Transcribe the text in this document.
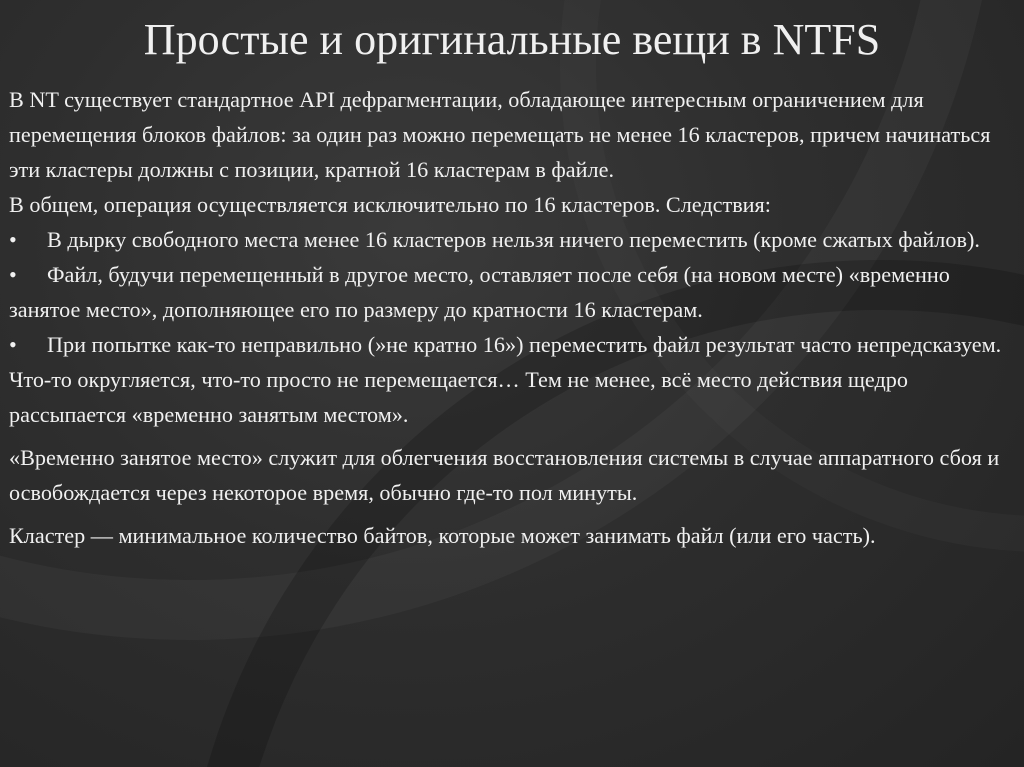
Простые и оригинальные вещи в NTFS

В NT существует стандартное API дефрагментации, обладающее интересным ограничением для перемещения блоков файлов: за один раз можно перемещать не менее 16 кластеров, причем начинаться эти кластеры должны с позиции, кратной 16 кластерам в файле.

В общем, операция осуществляется исключительно по 16 кластеров. Следствия:

• В дырку свободного места менее 16 кластеров нельзя ничего переместить (кроме сжатых файлов).

• Файл, будучи перемещенный в другое место, оставляет после себя (на новом месте) «временно занятое место», дополняющее его по размеру до кратности 16 кластерам.

• При попытке как-то неправильно (»не кратно 16») переместить файл результат часто непредсказуем. Что-то округляется, что-то просто не перемещается… Тем не менее, всё место действия щедро рассыпается «временно занятым местом».

«Временно занятое место» служит для облегчения восстановления системы в случае аппаратного сбоя и освобождается через некоторое время, обычно где-то пол минуты.

Кластер — минимальное количество байтов, которые может занимать файл (или его часть).
